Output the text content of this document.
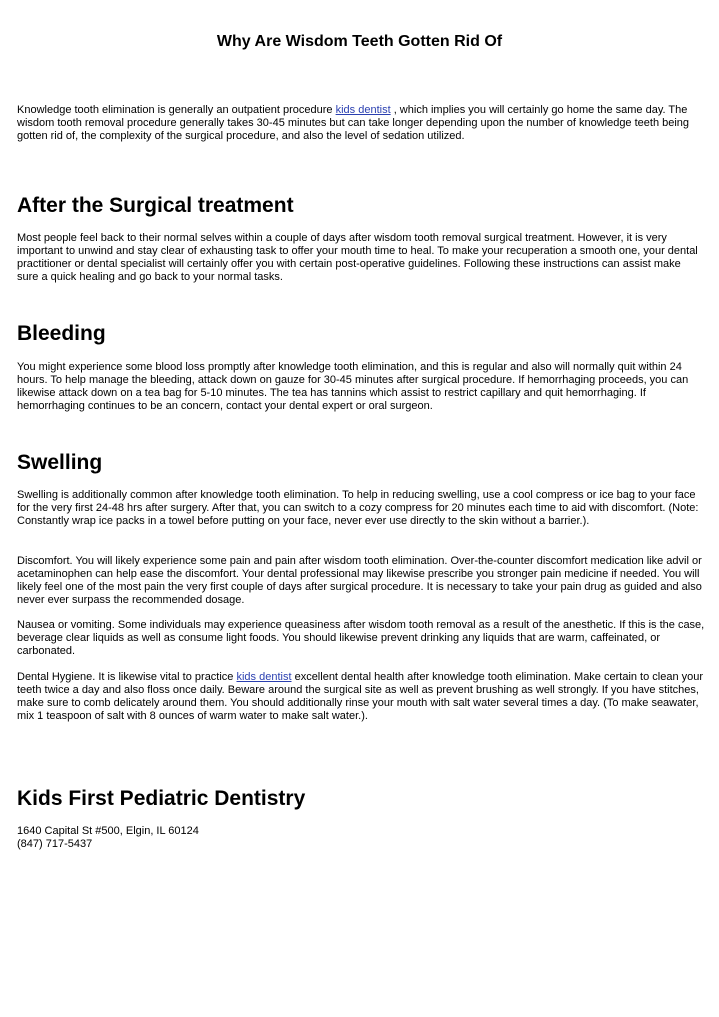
Why Are Wisdom Teeth Gotten Rid Of

Knowledge tooth elimination is generally an outpatient procedure kids dentist , which implies you will certainly go home the same day. The wisdom tooth removal procedure generally takes 30-45 minutes but can take longer depending upon the number of knowledge teeth being gotten rid of, the complexity of the surgical procedure, and also the level of sedation utilized.

After the Surgical treatment

Most people feel back to their normal selves within a couple of days after wisdom tooth removal surgical treatment. However, it is very important to unwind and stay clear of exhausting task to offer your mouth time to heal. To make your recuperation a smooth one, your dental practitioner or dental specialist will certainly offer you with certain post-operative guidelines. Following these instructions can assist make sure a quick healing and go back to your normal tasks.

Bleeding

You might experience some blood loss promptly after knowledge tooth elimination, and this is regular and also will normally quit within 24 hours. To help manage the bleeding, attack down on gauze for 30-45 minutes after surgical procedure. If hemorrhaging proceeds, you can likewise attack down on a tea bag for 5-10 minutes. The tea has tannins which assist to restrict capillary and quit hemorrhaging. If hemorrhaging continues to be an concern, contact your dental expert or oral surgeon.

Swelling

Swelling is additionally common after knowledge tooth elimination. To help in reducing swelling, use a cool compress or ice bag to your face for the very first 24-48 hrs after surgery. After that, you can switch to a cozy compress for 20 minutes each time to aid with discomfort. (Note: Constantly wrap ice packs in a towel before putting on your face, never ever use directly to the skin without a barrier.).

Discomfort. You will likely experience some pain and pain after wisdom tooth elimination. Over-the-counter discomfort medication like advil or acetaminophen can help ease the discomfort. Your dental professional may likewise prescribe you stronger pain medicine if needed. You will likely feel one of the most pain the very first couple of days after surgical procedure. It is necessary to take your pain drug as guided and also never ever surpass the recommended dosage.

Nausea or vomiting. Some individuals may experience queasiness after wisdom tooth removal as a result of the anesthetic. If this is the case, beverage clear liquids as well as consume light foods. You should likewise prevent drinking any liquids that are warm, caffeinated, or carbonated.

Dental Hygiene. It is likewise vital to practice kids dentist excellent dental health after knowledge tooth elimination. Make certain to clean your teeth twice a day and also floss once daily. Beware around the surgical site as well as prevent brushing as well strongly. If you have stitches, make sure to comb delicately around them. You should additionally rinse your mouth with salt water several times a day. (To make seawater, mix 1 teaspoon of salt with 8 ounces of warm water to make salt water.).

Kids First Pediatric Dentistry

1640 Capital St #500, Elgin, IL 60124

(847) 717-5437
